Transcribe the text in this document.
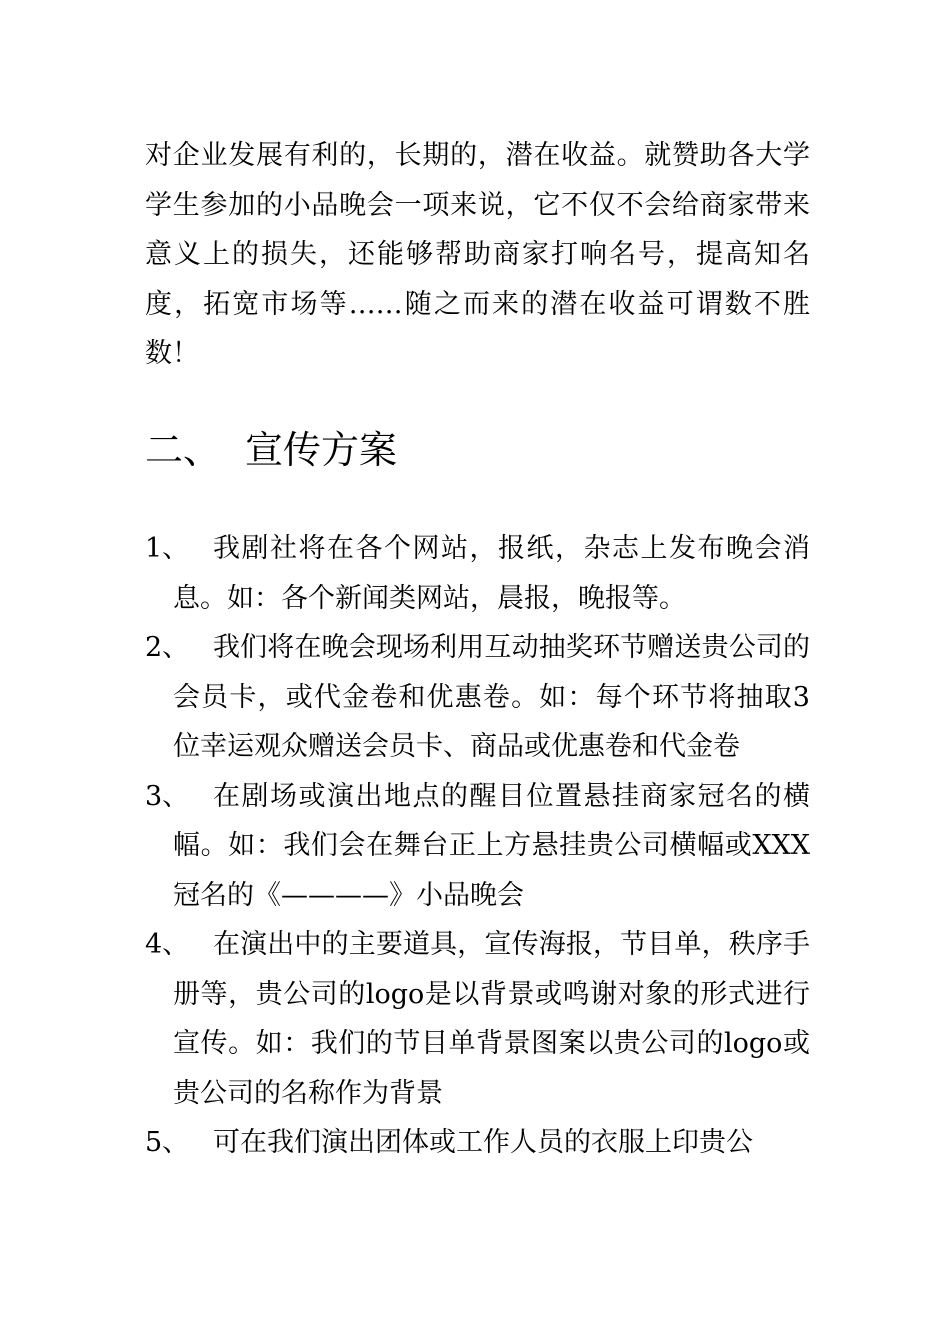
对企业发展有利的，长期的，潜在收益。就赞助各大学学生参加的小品晚会一项来说，它不仅不会给商家带来意义上的损失，还能够帮助商家打响名号，提高知名度，拓宽市场等……随之而来的潜在收益可谓数不胜数！

二、 宣传方案
1、 我剧社将在各个网站，报纸，杂志上发布晚会消息。如：各个新闻类网站，晨报，晚报等。
2、 我们将在晚会现场利用互动抽奖环节赠送贵公司的会员卡，或代金卷和优惠卷。如：每个环节将抽取3位幸运观众赠送会员卡、商品或优惠卷和代金卷
3、 在剧场或演出地点的醒目位置悬挂商家冠名的横幅。如：我们会在舞台正上方悬挂贵公司横幅或XXX冠名的《————》小品晚会
4、 在演出中的主要道具，宣传海报，节目单，秩序手册等，贵公司的logo是以背景或鸣谢对象的形式进行宣传。如：我们的节目单背景图案以贵公司的logo或贵公司的名称作为背景
5、 可在我们演出团体或工作人员的衣服上印贵公
